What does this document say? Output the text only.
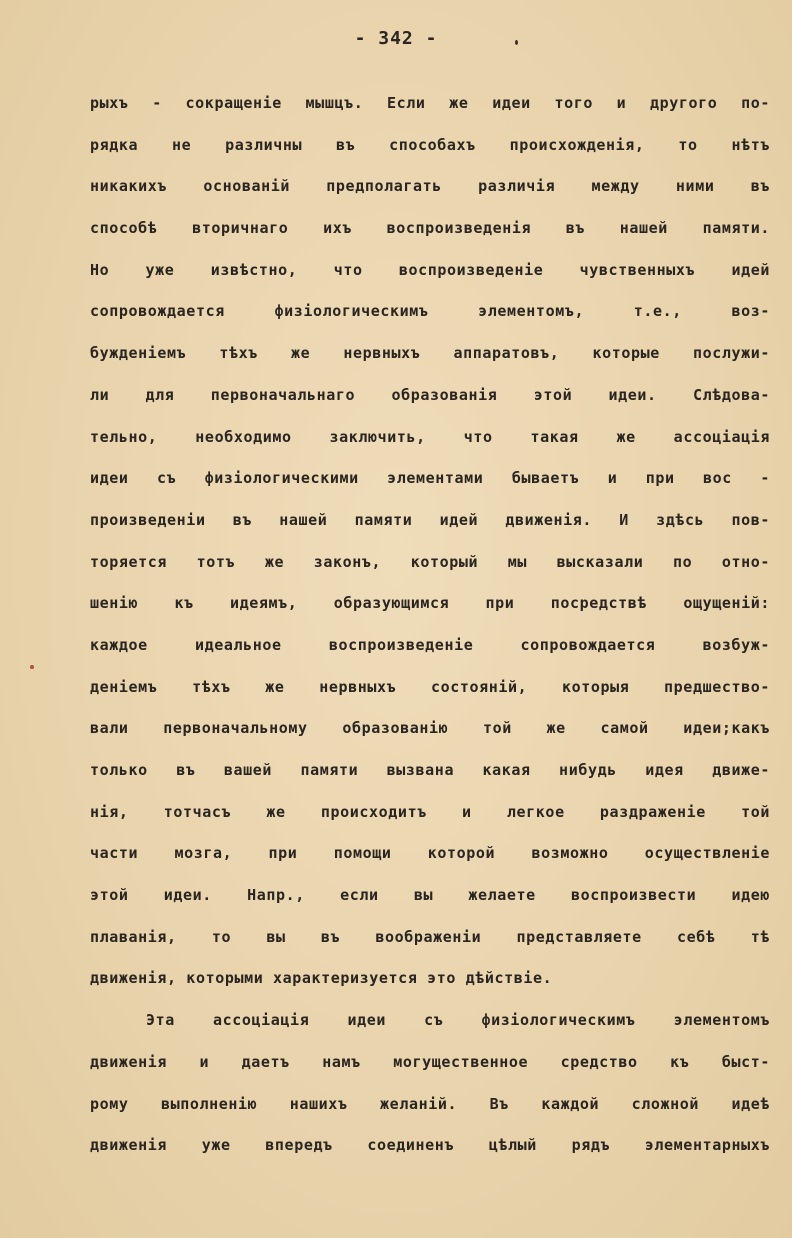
- 342 -
рыхъ - сокращеніе мышцъ. Если же идеи того и другого по-
рядка не различны въ способахъ происхожденія, то нѣтъ
никакихъ основаній предполагать различія между ними въ
способѣ вторичнаго ихъ воспроизведенія въ нашей памяти.
Но уже извѣстно, что воспроизведеніе чувственныхъ идей
сопровождается физіологическимъ элементомъ, т.е., воз-
бужденіемъ тѣхъ же нервныхъ аппаратовъ, которые послужи-
ли для первоначальнаго образованія этой идеи. Слѣдова-
тельно, необходимо заключить, что такая же ассоціація
идеи съ физіологическими элементами бываетъ и при вос -
произведеніи въ нашей памяти идей движенія. И здѣсь пов-
торяется тотъ же законъ, который мы высказали по отно-
шенію къ идеямъ, образующимся при посредствѣ ощущеній:
каждое идеальное воспроизведеніе сопровождается возбуж-
деніемъ тѣхъ же нервныхъ состояній, которыя предшество-
вали первоначальному образованію той же самой идеи;какъ
только въ вашей памяти вызвана какая нибудь идея движе-
нія, тотчасъ же происходитъ и легкое раздраженіе той
части мозга, при помощи которой возможно осуществленіе
этой идеи. Напр., если вы желаете воспроизвести идею
плаванія, то вы въ воображеніи представляете себѣ тѣ
движенія, которыми характеризуется это дѣйствіе.
Эта ассоціація идеи съ физіологическимъ элементомъ
движенія и даетъ намъ могущественное средство къ быст-
рому выполненію нашихъ желаній. Въ каждой сложной идеѣ
движенія уже впередъ соединенъ цѣлый рядъ элементарныхъ
